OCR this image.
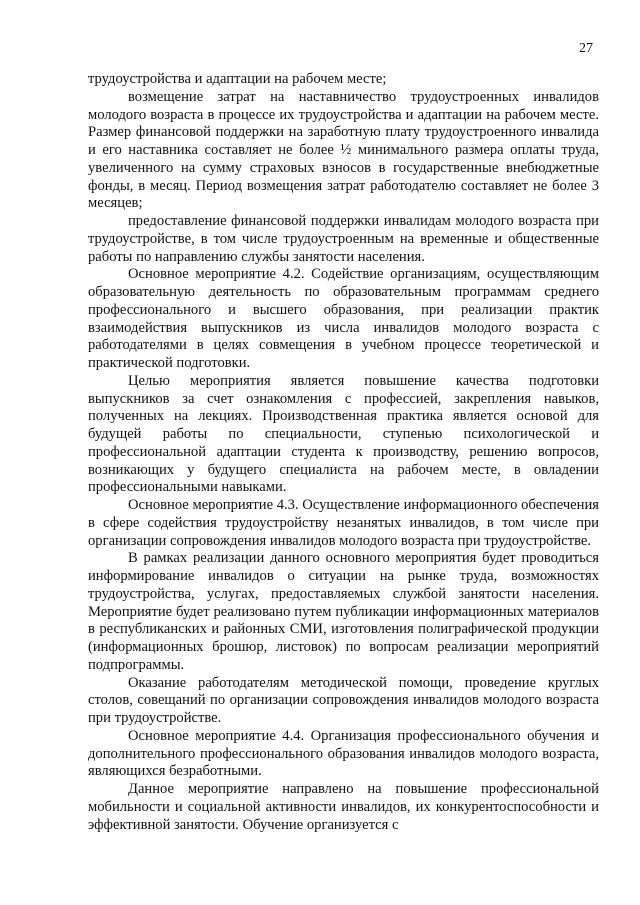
27

трудоустройства и адаптации на рабочем месте;

возмещение затрат на наставничество трудоустроенных инвалидов молодого возраста в процессе их трудоустройства и адаптации на рабочем месте. Размер финансовой поддержки на заработную плату трудоустроенного инвалида и его наставника составляет не более ½ минимального размера оплаты труда, увеличенного на сумму страховых взносов в государственные внебюджетные фонды, в месяц. Период возмещения затрат работодателю составляет не более 3 месяцев;

предоставление финансовой поддержки инвалидам молодого возраста при трудоустройстве, в том числе трудоустроенным на временные и общественные работы по направлению службы занятости населения.

Основное мероприятие 4.2. Содействие организациям, осуществляющим образовательную деятельность по образовательным программам среднего профессионального и высшего образования, при реализации практик взаимодействия выпускников из числа инвалидов молодого возраста с работодателями в целях совмещения в учебном процессе теоретической и практической подготовки.

Целью мероприятия является повышение качества подготовки выпускников за счет ознакомления с профессией, закрепления навыков, полученных на лекциях. Производственная практика является основой для будущей работы по специальности, ступенью психологической и профессиональной адаптации студента к производству, решению вопросов, возникающих у будущего специалиста на рабочем месте, в овладении профессиональными навыками.

Основное мероприятие 4.3. Осуществление информационного обеспечения в сфере содействия трудоустройству незанятых инвалидов, в том числе при организации сопровождения инвалидов молодого возраста при трудоустройстве.

В рамках реализации данного основного мероприятия будет проводиться информирование инвалидов о ситуации на рынке труда, возможностях трудоустройства, услугах, предоставляемых службой занятости населения. Мероприятие будет реализовано путем публикации информационных материалов в республиканских и районных СМИ, изготовления полиграфической продукции (информационных брошюр, листовок) по вопросам реализации мероприятий подпрограммы.

Оказание работодателям методической помощи, проведение круглых столов, совещаний по организации сопровождения инвалидов молодого возраста при трудоустройстве.

Основное мероприятие 4.4. Организация профессионального обучения и дополнительного профессионального образования инвалидов молодого возраста, являющихся безработными.

Данное мероприятие направлено на повышение профессиональной мобильности и социальной активности инвалидов, их конкурентоспособности и эффективной занятости. Обучение организуется с
